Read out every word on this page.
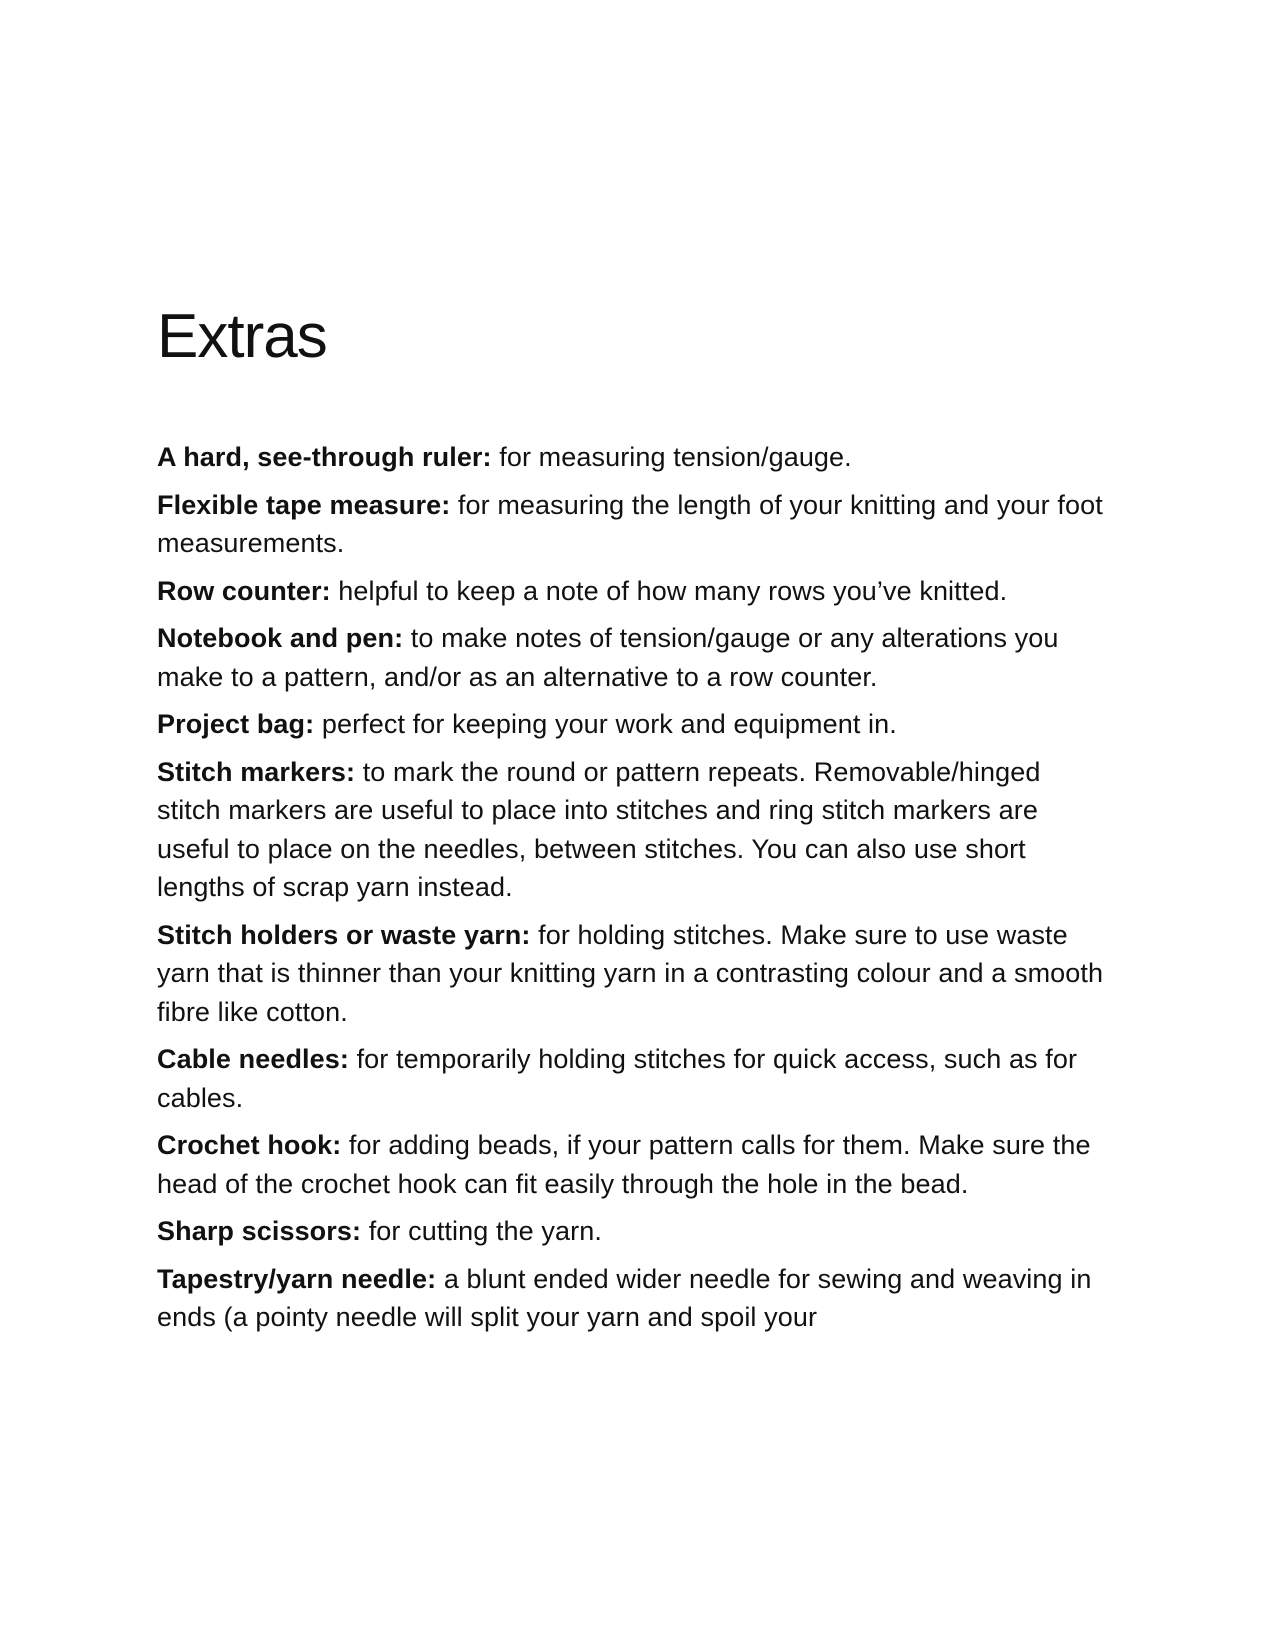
Extras
A hard, see-through ruler: for measuring tension/gauge.
Flexible tape measure: for measuring the length of your knitting and your foot measurements.
Row counter: helpful to keep a note of how many rows you’ve knitted.
Notebook and pen: to make notes of tension/gauge or any alterations you make to a pattern, and/or as an alternative to a row counter.
Project bag: perfect for keeping your work and equipment in.
Stitch markers: to mark the round or pattern repeats. Removable/hinged stitch markers are useful to place into stitches and ring stitch markers are useful to place on the needles, between stitches. You can also use short lengths of scrap yarn instead.
Stitch holders or waste yarn: for holding stitches. Make sure to use waste yarn that is thinner than your knitting yarn in a contrasting colour and a smooth fibre like cotton.
Cable needles: for temporarily holding stitches for quick access, such as for cables.
Crochet hook: for adding beads, if your pattern calls for them. Make sure the head of the crochet hook can fit easily through the hole in the bead.
Sharp scissors: for cutting the yarn.
Tapestry/yarn needle: a blunt ended wider needle for sewing and weaving in ends (a pointy needle will split your yarn and spoil your
